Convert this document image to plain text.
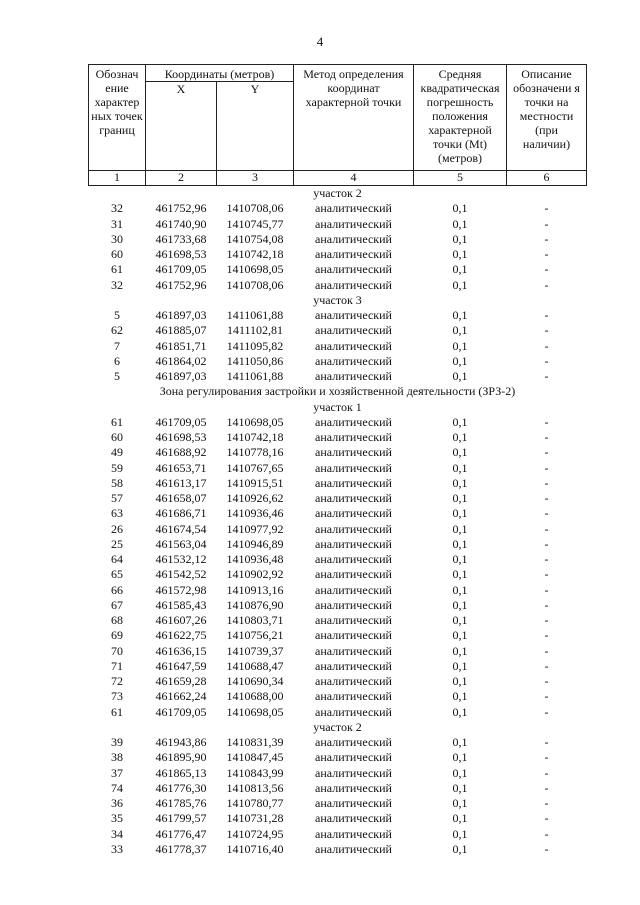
4
Обознач ение характер ных точек границ	Координаты (метров)		Метод определения координат характерной точки	Средняя квадратическая погрешность положения характерной точки (Mt) (метров)	Описание обозначени я точки на местности (при наличии)
	X	Y			
1	2	3	4	5	6
участок 2					
32	461752,96	1410708,06	аналитический	0,1	-
31	461740,90	1410745,77	аналитический	0,1	-
30	461733,68	1410754,08	аналитический	0,1	-
60	461698,53	1410742,18	аналитический	0,1	-
61	461709,05	1410698,05	аналитический	0,1	-
32	461752,96	1410708,06	аналитический	0,1	-
участок 3					
5	461897,03	1411061,88	аналитический	0,1	-
62	461885,07	1411102,81	аналитический	0,1	-
7	461851,71	1411095,82	аналитический	0,1	-
6	461864,02	1411050,86	аналитический	0,1	-
5	461897,03	1411061,88	аналитический	0,1	-
Зона регулирования застройки и хозяйственной деятельности (ЗРЗ-2)					
участок 1					
61	461709,05	1410698,05	аналитический	0,1	-
60	461698,53	1410742,18	аналитический	0,1	-
49	461688,92	1410778,16	аналитический	0,1	-
59	461653,71	1410767,65	аналитический	0,1	-
58	461613,17	1410915,51	аналитический	0,1	-
57	461658,07	1410926,62	аналитический	0,1	-
63	461686,71	1410936,46	аналитический	0,1	-
26	461674,54	1410977,92	аналитический	0,1	-
25	461563,04	1410946,89	аналитический	0,1	-
64	461532,12	1410936,48	аналитический	0,1	-
65	461542,52	1410902,92	аналитический	0,1	-
66	461572,98	1410913,16	аналитический	0,1	-
67	461585,43	1410876,90	аналитический	0,1	-
68	461607,26	1410803,71	аналитический	0,1	-
69	461622,75	1410756,21	аналитический	0,1	-
70	461636,15	1410739,37	аналитический	0,1	-
71	461647,59	1410688,47	аналитический	0,1	-
72	461659,28	1410690,34	аналитический	0,1	-
73	461662,24	1410688,00	аналитический	0,1	-
61	461709,05	1410698,05	аналитический	0,1	-
участок 2					
39	461943,86	1410831,39	аналитический	0,1	-
38	461895,90	1410847,45	аналитический	0,1	-
37	461865,13	1410843,99	аналитический	0,1	-
74	461776,30	1410813,56	аналитический	0,1	-
36	461785,76	1410780,77	аналитический	0,1	-
35	461799,57	1410731,28	аналитический	0,1	-
34	461776,47	1410724,95	аналитический	0,1	-
33	461778,37	1410716,40	аналитический	0,1	-
